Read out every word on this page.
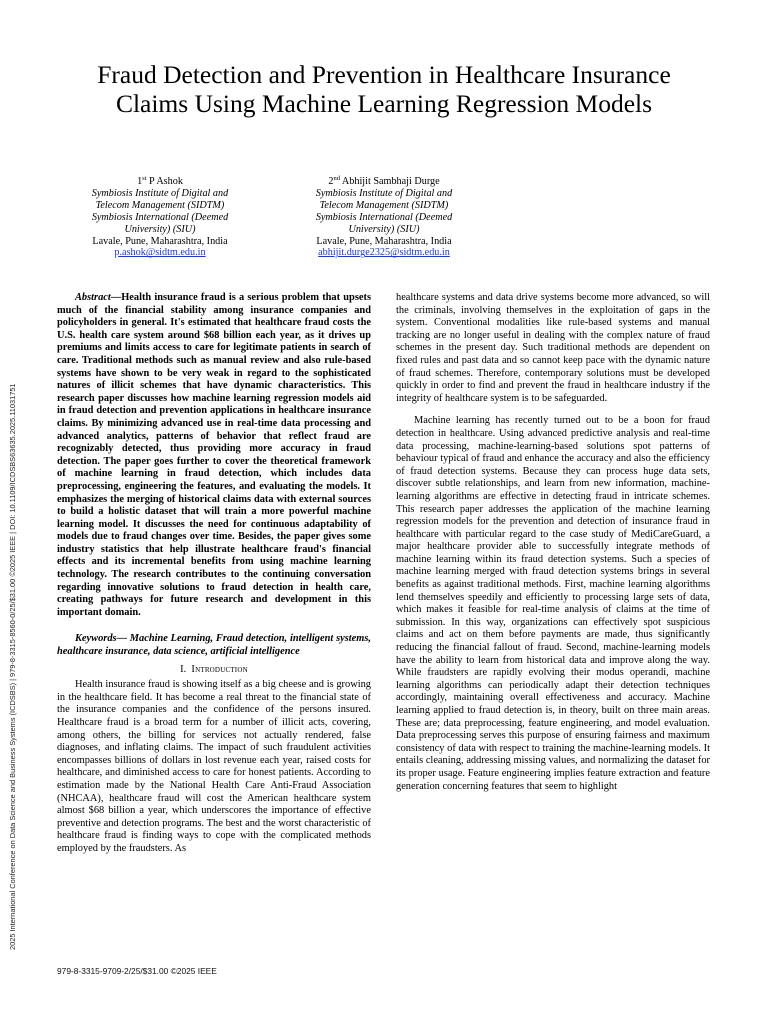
Fraud Detection and Prevention in Healthcare Insurance Claims Using Machine Learning Regression Models
1st P Ashok
Symbiosis Institute of Digital and
Telecom Management (SIDTM)
Symbiosis International (Deemed
University) (SIU)
Lavale, Pune, Maharashtra, India
p.ashok@sidtm.edu.in
2nd Abhijit Sambhaji Durge
Symbiosis Institute of Digital and
Telecom Management (SIDTM)
Symbiosis International (Deemed
University) (SIU)
Lavale, Pune, Maharashtra, India
abhijit.durge2325@sidtm.edu.in
2025 International Conference on Data Science and Business Systems (ICDSBS) | 979-8-3315-8560-0/25/$31.00 ©2025 IEEE | DOI: 10.1109/ICDSBS63635.2025.11031751

Abstract—Health insurance fraud is a serious problem that upsets much of the financial stability among insurance companies and policyholders in general. It's estimated that healthcare fraud costs the U.S. health care system around $68 billion each year, as it drives up premiums and limits access to care for legitimate patients in search of care. Traditional methods such as manual review and also rule-based systems have shown to be very weak in regard to the sophisticated natures of illicit schemes that have dynamic characteristics. This research paper discusses how machine learning regression models aid in fraud detection and prevention applications in healthcare insurance claims. By minimizing advanced use in real-time data processing and advanced analytics, patterns of behavior that reflect fraud are recognizably detected, thus providing more accuracy in fraud detection. The paper goes further to cover the theoretical framework of machine learning in fraud detection, which includes data preprocessing, engineering the features, and evaluating the models. It emphasizes the merging of historical claims data with external sources to build a holistic dataset that will train a more powerful machine learning model. It discusses the need for continuous adaptability of models due to fraud changes over time. Besides, the paper gives some industry statistics that help illustrate healthcare fraud's financial effects and its incremental benefits from using machine learning technology. The research contributes to the continuing conversation regarding innovative solutions to fraud detection in health care, creating pathways for future research and development in this important domain.

Keywords— Machine Learning, Fraud detection, intelligent systems, healthcare insurance, data science, artificial intelligence

I. Introduction

Health insurance fraud is showing itself as a big cheese and is growing in the healthcare field. It has become a real threat to the financial state of the insurance companies and the confidence of the persons insured. Healthcare fraud is a broad term for a number of illicit acts, covering, among others, the billing for services not actually rendered, false diagnoses, and inflating claims. The impact of such fraudulent activities encompasses billions of dollars in lost revenue each year, raised costs for healthcare, and diminished access to care for honest patients. According to estimation made by the National Health Care Anti-Fraud Association (NHCAA), healthcare fraud will cost the American healthcare system almost $68 billion a year, which underscores the importance of effective preventive and detection programs. The best and the worst characteristic of healthcare fraud is finding ways to cope with the complicated methods employed by the fraudsters. As

healthcare systems and data drive systems become more advanced, so will the criminals, involving themselves in the exploitation of gaps in the system. Conventional modalities like rule-based systems and manual tracking are no longer useful in dealing with the complex nature of fraud schemes in the present day. Such traditional methods are dependent on fixed rules and past data and so cannot keep pace with the dynamic nature of fraud schemes. Therefore, contemporary solutions must be developed quickly in order to find and prevent the fraud in healthcare industry if the integrity of healthcare system is to be safeguarded.

Machine learning has recently turned out to be a boon for fraud detection in healthcare. Using advanced predictive analysis and real-time data processing, machine-learning-based solutions spot patterns of behaviour typical of fraud and enhance the accuracy and also the efficiency of fraud detection systems. Because they can process huge data sets, discover subtle relationships, and learn from new information, machine-learning algorithms are effective in detecting fraud in intricate schemes. This research paper addresses the application of the machine learning regression models for the prevention and detection of insurance fraud in healthcare with particular regard to the case study of MediCareGuard, a major healthcare provider able to successfully integrate methods of machine learning within its fraud detection systems. Such a species of machine learning merged with fraud detection systems brings in several benefits as against traditional methods. First, machine learning algorithms lend themselves speedily and efficiently to processing large sets of data, which makes it feasible for real-time analysis of claims at the time of submission. In this way, organizations can effectively spot suspicious claims and act on them before payments are made, thus significantly reducing the financial fallout of fraud. Second, machine-learning models have the ability to learn from historical data and improve along the way. While fraudsters are rapidly evolving their modus operandi, machine learning algorithms can periodically adapt their detection techniques accordingly, maintaining overall effectiveness and accuracy. Machine learning applied to fraud detection is, in theory, built on three main areas. These are; data preprocessing, feature engineering, and model evaluation. Data preprocessing serves this purpose of ensuring fairness and maximum consistency of data with respect to training the machine-learning models. It entails cleaning, addressing missing values, and normalizing the dataset for its proper usage. Feature engineering implies feature extraction and feature generation concerning features that seem to highlight

979-8-3315-9709-2/25/$31.00 ©2025 IEEE
